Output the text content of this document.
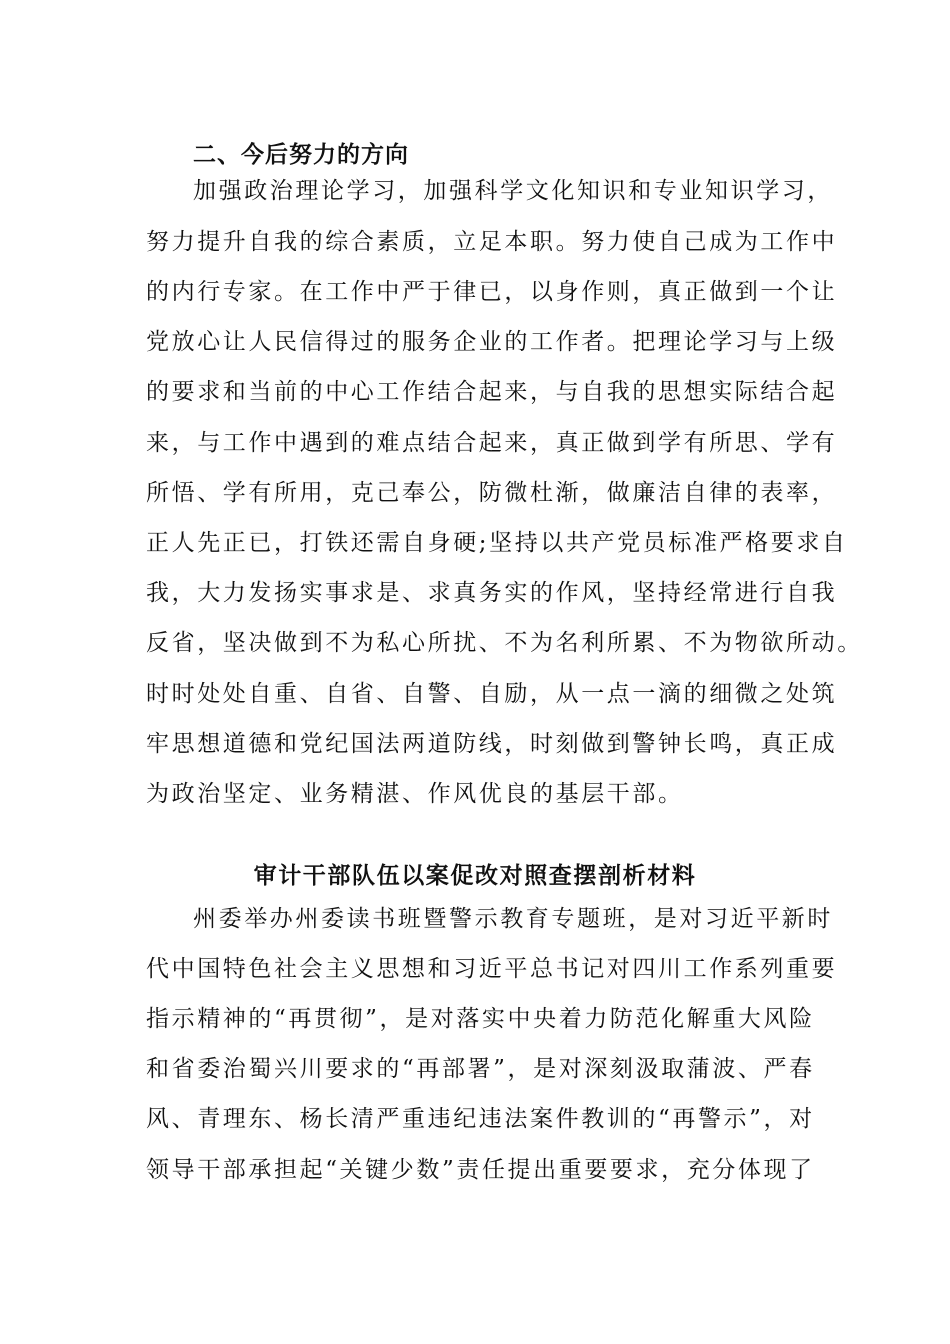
二、今后努力的方向
加强政治理论学习，加强科学文化知识和专业知识学习，
努力提升自我的综合素质，立足本职。努力使自己成为工作中
的内行专家。在工作中严于律已，以身作则，真正做到一个让
党放心让人民信得过的服务企业的工作者。把理论学习与上级
的要求和当前的中心工作结合起来，与自我的思想实际结合起
来，与工作中遇到的难点结合起来，真正做到学有所思、学有
所悟、学有所用，克己奉公，防微杜渐，做廉洁自律的表率，
正人先正已，打铁还需自身硬;坚持以共产党员标准严格要求自
我，大力发扬实事求是、求真务实的作风，坚持经常进行自我
反省，坚决做到不为私心所扰、不为名利所累、不为物欲所动。
时时处处自重、自省、自警、自励，从一点一滴的细微之处筑
牢思想道德和党纪国法两道防线，时刻做到警钟长鸣，真正成
为政治坚定、业务精湛、作风优良的基层干部。
审计干部队伍以案促改对照查摆剖析材料
州委举办州委读书班暨警示教育专题班，是对习近平新时
代中国特色社会主义思想和习近平总书记对四川工作系列重要
指示精神的“再贯彻”，是对落实中央着力防范化解重大风险
和省委治蜀兴川要求的“再部署”，是对深刻汲取蒲波、严春
风、青理东、杨长清严重违纪违法案件教训的“再警示”，对
领导干部承担起“关键少数”责任提出重要要求，充分体现了
